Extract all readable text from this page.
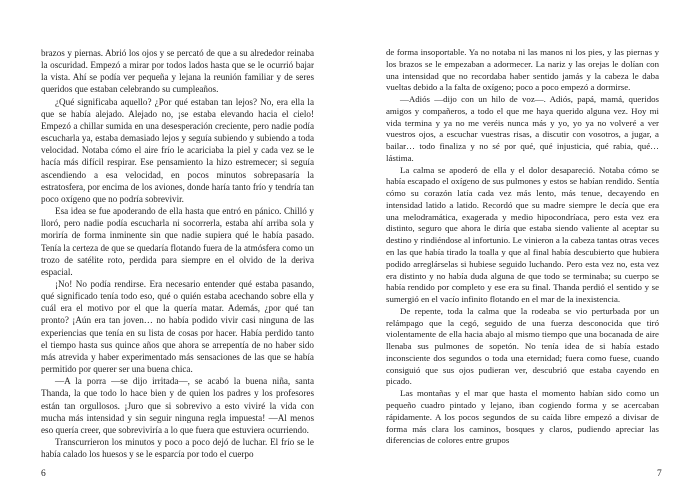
brazos y piernas. Abrió los ojos y se percató de que a su alrededor reinaba la oscuridad. Empezó a mirar por todos lados hasta que se le ocurrió bajar la vista. Ahí se podía ver pequeña y lejana la reunión familiar y de seres queridos que estaban celebrando su cumpleaños.

¿Qué significaba aquello? ¿Por qué estaban tan lejos? No, era ella la que se había alejado. Alejado no, ¡se estaba elevando hacia el cielo! Empezó a chillar sumida en una desesperación creciente, pero nadie podía escucharla ya, estaba demasiado lejos y seguía subiendo y subiendo a toda velocidad. Notaba cómo el aire frío le acariciaba la piel y cada vez se le hacía más difícil respirar. Ese pensamiento la hizo estremecer; si seguía ascendiendo a esa velocidad, en pocos minutos sobrepasaría la estratosfera, por encima de los aviones, donde haría tanto frío y tendría tan poco oxígeno que no podría sobrevivir.

Esa idea se fue apoderando de ella hasta que entró en pánico. Chilló y lloró, pero nadie podía escucharla ni socorrerla, estaba ahí arriba sola y moriría de forma inminente sin que nadie supiera qué le había pasado. Tenía la certeza de que se quedaría flotando fuera de la atmósfera como un trozo de satélite roto, perdida para siempre en el olvido de la deriva espacial.

¡No! No podía rendirse. Era necesario entender qué estaba pasando, qué significado tenía todo eso, qué o quién estaba acechando sobre ella y cuál era el motivo por el que la quería matar. Además, ¿por qué tan pronto? ¡Aún era tan joven… no había podido vivir casi ninguna de las experiencias que tenía en su lista de cosas por hacer. Había perdido tanto el tiempo hasta sus quince años que ahora se arrepentía de no haber sido más atrevida y haber experimentado más sensaciones de las que se había permitido por querer ser una buena chica.

—A la porra —se dijo irritada—, se acabó la buena niña, santa Thanda, la que todo lo hace bien y de quien los padres y los profesores están tan orgullosos. ¡Juro que si sobrevivo a esto viviré la vida con mucha más intensidad y sin seguir ninguna regla impuesta! —Al menos eso quería creer, que sobreviviría a lo que fuera que estuviera ocurriendo.

Transcurrieron los minutos y poco a poco dejó de luchar. El frío se le había calado los huesos y se le esparcía por todo el cuerpo

6

de forma insoportable. Ya no notaba ni las manos ni los pies, y las piernas y los brazos se le empezaban a adormecer. La nariz y las orejas le dolían con una intensidad que no recordaba haber sentido jamás y la cabeza le daba vueltas debido a la falta de oxígeno; poco a poco empezó a dormirse.

—Adiós —dijo con un hilo de voz—. Adiós, papá, mamá, queridos amigos y compañeros, a todo el que me haya querido alguna vez. Hoy mi vida termina y ya no me veréis nunca más y yo, yo ya no volveré a ver vuestros ojos, a escuchar vuestras risas, a discutir con vosotros, a jugar, a bailar… todo finaliza y no sé por qué, qué injusticia, qué rabia, qué… lástima.

La calma se apoderó de ella y el dolor desapareció. Notaba cómo se había escapado el oxígeno de sus pulmones y estos se habían rendido. Sentía cómo su corazón latía cada vez más lento, más tenue, decayendo en intensidad latido a latido. Recordó que su madre siempre le decía que era una melodramática, exagerada y medio hipocondríaca, pero esta vez era distinto, seguro que ahora le diría que estaba siendo valiente al aceptar su destino y rindiéndose al infortunio. Le vinieron a la cabeza tantas otras veces en las que había tirado la toalla y que al final había descubierto que hubiera podido arreglárselas si hubiese seguido luchando. Pero esta vez no, esta vez era distinto y no había duda alguna de que todo se terminaba; su cuerpo se había rendido por completo y ese era su final. Thanda perdió el sentido y se sumergió en el vacío infinito flotando en el mar de la inexistencia.

De repente, toda la calma que la rodeaba se vio perturbada por un relámpago que la cegó, seguido de una fuerza desconocida que tiró violentamente de ella hacia abajo al mismo tiempo que una bocanada de aire llenaba sus pulmones de sopetón. No tenía idea de si había estado inconsciente dos segundos o toda una eternidad; fuera como fuese, cuando consiguió que sus ojos pudieran ver, descubrió que estaba cayendo en picado.

Las montañas y el mar que hasta el momento habían sido como un pequeño cuadro pintado y lejano, iban cogiendo forma y se acercaban rápidamente. A los pocos segundos de su caída libre empezó a divisar de forma más clara los caminos, bosques y claros, pudiendo apreciar las diferencias de colores entre grupos

7
